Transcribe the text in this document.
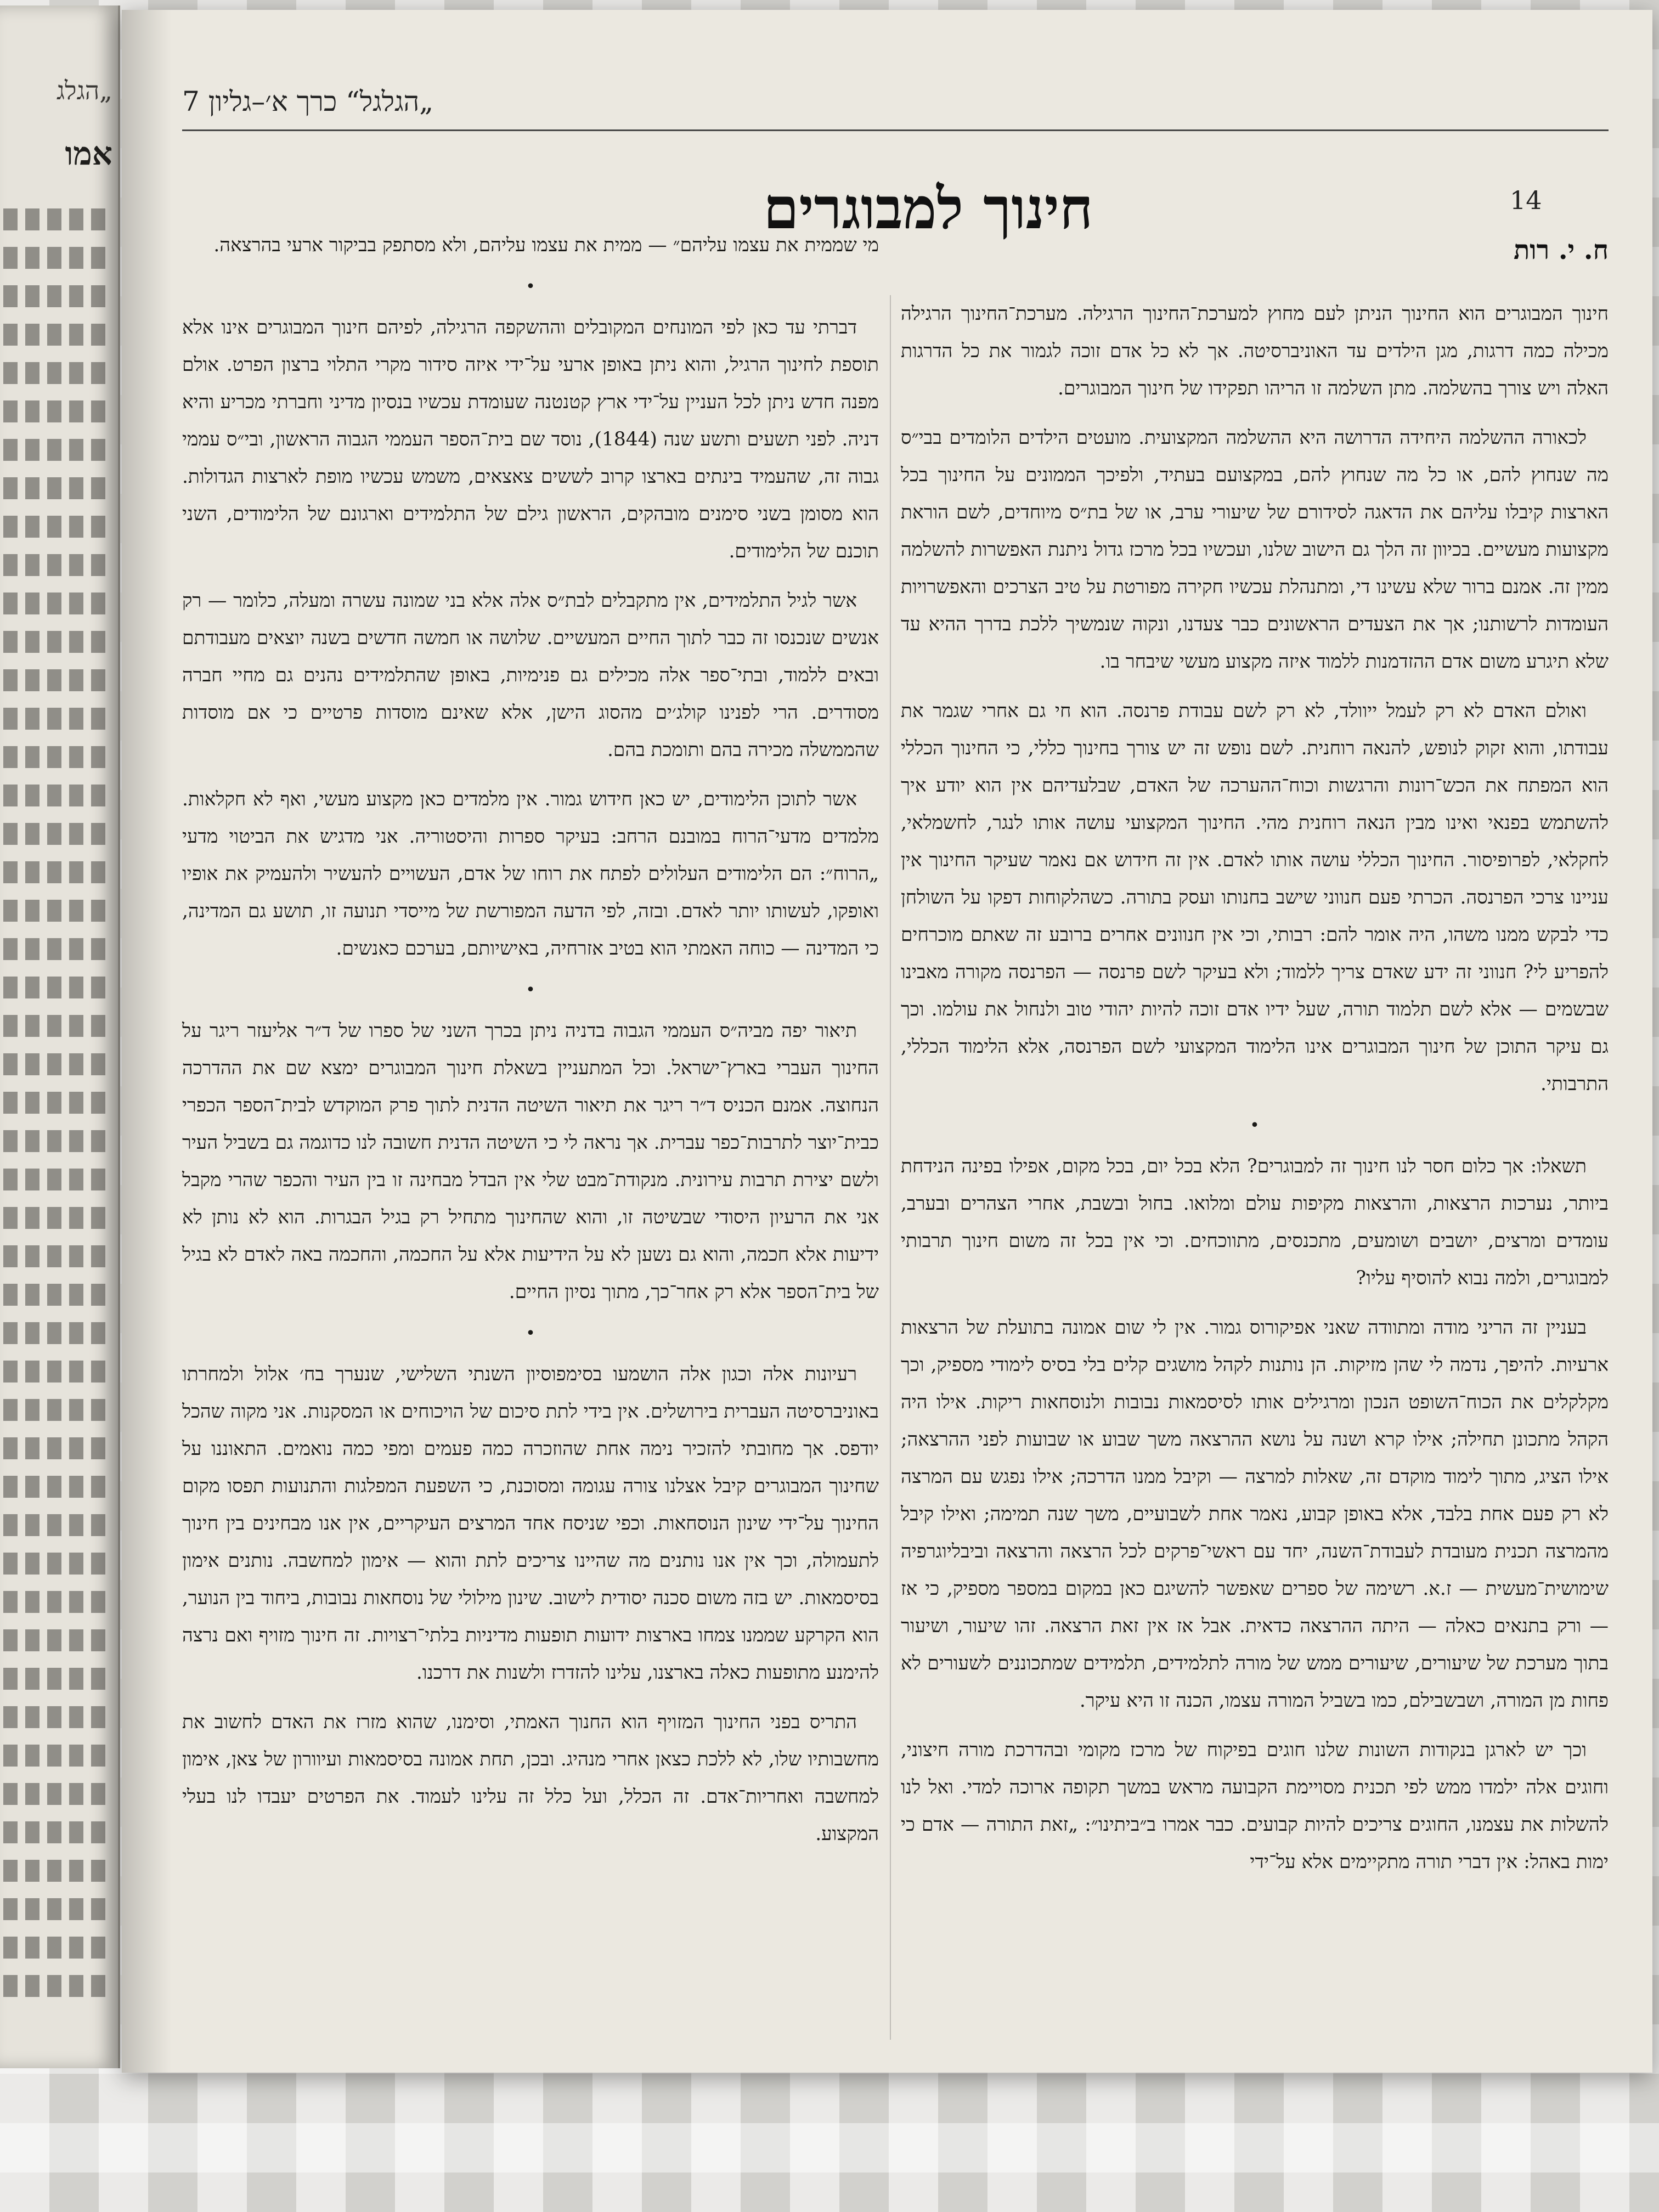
„הגלג
אמו
„הגלגל“ כרך א׳–גליון 7
14
חינוך למבוגרים
ח. י. רות

חינוך המבוגרים הוא החינוך הניתן לעם מחוץ למערכת־החינוך הרגילה. מערכת־החינוך הרגילה מכילה כמה דרגות, מגן הילדים עד האוניברסיטה. אך לא כל אדם זוכה לגמור את כל הדרגות האלה ויש צורך בהשלמה. מתן השלמה זו הריהו תפקידו של חינוך המבוגרים.

לכאורה ההשלמה היחידה הדרושה היא ההשלמה המקצועית. מועטים הילדים הלומדים בבי״ס מה שנחוץ להם, או כל מה שנחוץ להם, במקצועם בעתיד, ולפיכך הממונים על החינוך בכל הארצות קיבלו עליהם את הדאגה לסידורם של שיעורי ערב, או של בת״ס מיוחדים, לשם הוראת מקצועות מעשיים. בכיוון זה הלך גם הישוב שלנו, ועכשיו בכל מרכז גדול ניתנת האפשרות להשלמה ממין זה. אמנם ברור שלא עשינו די, ומתנהלת עכשיו חקירה מפורטת על טיב הצרכים והאפשרויות העומדות לרשותנו; אך את הצעדים הראשונים כבר צעדנו, ונקוה שנמשיך ללכת בדרך ההיא עד שלא תיגרע משום אדם ההזדמנות ללמוד איזה מקצוע מעשי שיבחר בו.

ואולם האדם לא רק לעמל ייוולד, לא רק לשם עבודת פרנסה. הוא חי גם אחרי שגמר את עבודתו, והוא זקוק לנופש, להנאה רוחנית. לשם נופש זה יש צורך בחינוך כללי, כי החינוך הכללי הוא המפתח את הכש־רונות והרגשות וכוח־ההערכה של האדם, שבלעדיהם אין הוא יודע איך להשתמש בפנאי ואינו מבין הנאה רוחנית מהי. החינוך המקצועי עושה אותו לנגר, לחשמלאי, לחקלאי, לפרופיסור. החינוך הכללי עושה אותו לאדם. אין זה חידוש אם נאמר שעיקר החינוך אין עניינו צרכי הפרנסה. הכרתי פעם חנווני שישב בחנותו ועסק בתורה. כשהלקוחות דפקו על השולחן כדי לבקש ממנו משהו, היה אומר להם: רבותי, וכי אין חנוונים אחרים ברובע זה שאתם מוכרחים להפריע לי? חנווני זה ידע שאדם צריך ללמוד; ולא בעיקר לשם פרנסה — הפרנסה מקורה מאבינו שבשמים — אלא לשם תלמוד תורה, שעל ידיו אדם זוכה להיות יהודי טוב ולנחול את עולמו. וכך גם עיקר התוכן של חינוך המבוגרים אינו הלימוד המקצועי לשם הפרנסה, אלא הלימוד הכללי, התרבותי.

•

תשאלו: אך כלום חסר לנו חינוך זה למבוגרים? הלא בכל יום, בכל מקום, אפילו בפינה הנידחת ביותר, נערכות הרצאות, והרצאות מקיפות עולם ומלואו. בחול ובשבת, אחרי הצהרים ובערב, עומדים ומרצים, יושבים ושומעים, מתכנסים, מתווכחים. וכי אין בכל זה משום חינוך תרבותי למבוגרים, ולמה נבוא להוסיף עליו?

בעניין זה הריני מודה ומתוודה שאני אפיקורוס גמור. אין לי שום אמונה בתועלת של הרצאות ארעיות. להיפך, נדמה לי שהן מזיקות. הן נותנות לקהל מושגים קלים בלי בסיס לימודי מספיק, וכך מקלקלים את הכוח־השופט הנכון ומרגילים אותו לסיסמאות נבובות ולנוסחאות ריקות. אילו היה הקהל מתכונן תחילה; אילו קרא ושנה על נושא ההרצאה משך שבוע או שבועות לפני ההרצאה; אילו הציג, מתוך לימוד מוקדם זה, שאלות למרצה — וקיבל ממנו הדרכה; אילו נפגש עם המרצה לא רק פעם אחת בלבד, אלא באופן קבוע, נאמר אחת לשבועיים, משך שנה תמימה; ואילו קיבל מהמרצה תכנית מעובדת לעבודת־השנה, יחד עם ראשי־פרקים לכל הרצאה והרצאה וביבליוגרפיה שימושית־מעשית — ז.א. רשימה של ספרים שאפשר להשיגם כאן במקום במספר מספיק, כי אז — ורק בתנאים כאלה — היתה ההרצאה כדאית. אבל אז אין זאת הרצאה. זהו שיעור, ושיעור בתוך מערכת של שיעורים, שיעורים ממש של מורה לתלמידים, תלמידים שמתכוננים לשעורים לא פחות מן המורה, ושבשבילם, כמו בשביל המורה עצמו, הכנה זו היא עיקר.

וכך יש לארגן בנקודות השונות שלנו חוגים בפיקוח של מרכז מקומי ובהדרכת מורה חיצוני, וחוגים אלה ילמדו ממש לפי תכנית מסויימת הקבועה מראש במשך תקופה ארוכה למדי. ואל לנו להשלות את עצמנו, החוגים צריכים להיות קבועים. כבר אמרו ב״ביתינו״: „זאת התורה — אדם כי ימות באהל: אין דברי תורה מתקיימים אלא על־ידי

מי שממית את עצמו עליהם״ — ממית את עצמו עליהם, ולא מסתפק בביקור ארעי בהרצאה.

•

דברתי עד כאן לפי המונחים המקובלים וההשקפה הרגילה, לפיהם חינוך המבוגרים אינו אלא תוספת לחינוך הרגיל, והוא ניתן באופן ארעי על־ידי איזה סידור מקרי התלוי ברצון הפרט. אולם מפנה חדש ניתן לכל העניין על־ידי ארץ קטנטנה שעומדת עכשיו בנסיון מדיני וחברתי מכריע והיא דניה. לפני תשעים ותשע שנה (1844), נוסד שם בית־הספר העממי הגבוה הראשון, ובי״ס עממי גבוה זה, שהעמיד בינתים בארצו קרוב לששים צאצאים, משמש עכשיו מופת לארצות הגדולות. הוא מסומן בשני סימנים מובהקים, הראשון גילם של התלמידים וארגונם של הלימודים, השני תוכנם של הלימודים.

אשר לגיל התלמידים, אין מתקבלים לבת״ס אלה אלא בני שמונה עשרה ומעלה, כלומר — רק אנשים שנכנסו זה כבר לתוך החיים המעשיים. שלושה או חמשה חדשים בשנה יוצאים מעבודתם ובאים ללמוד, ובתי־ספר אלה מכילים גם פנימיות, באופן שהתלמידים נהנים גם מחיי חברה מסודרים. הרי לפנינו קולג׳ים מהסוג הישן, אלא שאינם מוסדות פרטיים כי אם מוסדות שהממשלה מכירה בהם ותומכת בהם.

אשר לתוכן הלימודים, יש כאן חידוש גמור. אין מלמדים כאן מקצוע מעשי, ואף לא חקלאות. מלמדים מדעי־הרוח במובנם הרחב: בעיקר ספרות והיסטוריה. אני מדגיש את הביטוי מדעי „הרוח״: הם הלימודים העלולים לפתח את רוחו של אדם, העשויים להעשיר ולהעמיק את אופיו ואופקו, לעשותו יותר לאדם. ובזה, לפי הדעה המפורשת של מייסדי תנועה זו, תושע גם המדינה, כי המדינה — כוחה האמתי הוא בטיב אזרחיה, באישיותם, בערכם כאנשים.

•

תיאור יפה מביה״ס העממי הגבוה בדניה ניתן בכרך השני של ספרו של ד״ר אליעזר ריגר על החינוך העברי בארץ־ישראל. וכל המתעניין בשאלת חינוך המבוגרים ימצא שם את ההדרכה הנחוצה. אמנם הכניס ד״ר ריגר את תיאור השיטה הדנית לתוך פרק המוקדש לבית־הספר הכפרי כבית־יוצר לתרבות־כפר עברית. אך נראה לי כי השיטה הדנית חשובה לנו כדוגמה גם בשביל העיר ולשם יצירת תרבות עירונית. מנקודת־מבט שלי אין הבדל מבחינה זו בין העיר והכפר שהרי מקבל אני את הרעיון היסודי שבשיטה זו, והוא שהחינוך מתחיל רק בגיל הבגרות. הוא לא נותן לא ידיעות אלא חכמה, והוא גם נשען לא על הידיעות אלא על החכמה, והחכמה באה לאדם לא בגיל של בית־הספר אלא רק אחר־כך, מתוך נסיון החיים.

•

רעיונות אלה וכגון אלה הושמעו בסימפוסיון השנתי השלישי, שנערך בח׳ אלול ולמחרתו באוניברסיטה העברית בירושלים. אין בידי לתת סיכום של הויכוחים או המסקנות. אני מקוה שהכל יודפס. אך מחובתי להזכיר נימה אחת שהוזכרה כמה פעמים ומפי כמה נואמים. התאוננו על שחינוך המבוגרים קיבל אצלנו צורה עגומה ומסוכנת, כי השפעת המפלגות והתנועות תפסו מקום החינוך על־ידי שינון הנוסחאות. וכפי שניסח אחד המרצים העיקריים, אין אנו מבחינים בין חינוך לתעמולה, וכך אין אנו נותנים מה שהיינו צריכים לתת והוא — אימון למחשבה. נותנים אימון בסיסמאות. יש בזה משום סכנה יסודית לישוב. שינון מילולי של נוסחאות נבובות, ביחוד בין הנוער, הוא הקרקע שממנו צמחו בארצות ידועות תופעות מדיניות בלתי־רצויות. זה חינוך מזויף ואם נרצה להימנע מתופעות כאלה בארצנו, עלינו להזדרז ולשנות את דרכנו.

התריס בפני החינוך המזויף הוא החנוך האמתי, וסימנו, שהוא מזרז את האדם לחשוב את מחשבותיו שלו, לא ללכת כצאן אחרי מנהיג. ובכן, תחת אמונה בסיסמאות ועיוורון של צאן, אימון למחשבה ואחריות־אדם. זה הכלל, ועל כלל זה עלינו לעמוד. את הפרטים יעבדו לנו בעלי המקצוע.
